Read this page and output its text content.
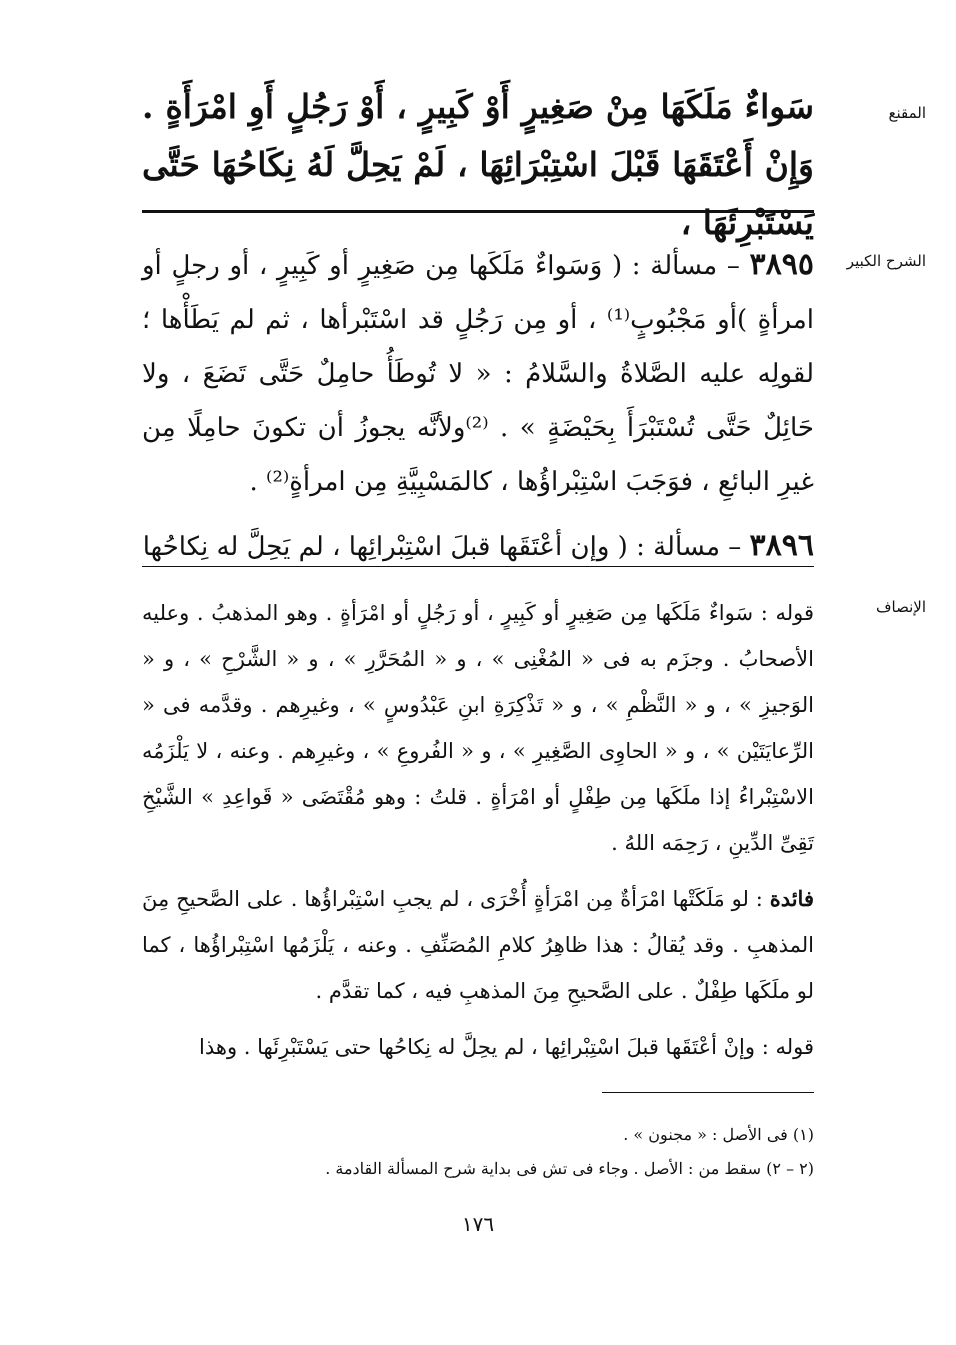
المقنع
الشرح الكبير
الإنصاف

سَواءٌ مَلَكَهَا مِنْ صَغِيرٍ أَوْ كَبِيرٍ ، أَوْ رَجُلٍ أَوِ امْرَأَةٍ . وَإِنْ أَعْتَقَهَا قَبْلَ اسْتِبْرَائِهَا ، لَمْ يَحِلَّ لَهُ نِكَاحُهَا حَتَّى يَسْتَبْرِئَهَا ،

٣٨٩٥ – مسألة : ( وَسَواءٌ مَلَكَها مِن صَغِيرٍ أو كَبِيرٍ ، أو رجلٍ أو امرأةٍ )أو مَجْبُوبٍ⁽¹⁾ ، أو مِن رَجُلٍ قد اسْتَبْرأها ، ثم لم يَطَأْها ؛ لقولِه عليه الصَّلاةُ والسَّلامُ : « لا تُوطَأُ حامِلٌ حَتَّى تَضَعَ ، ولا حَائِلٌ حَتَّى تُسْتَبْرَأَ بِحَيْضَةٍ » . ⁽²⁾ولأنَّه يجوزُ أن تكونَ حامِلًا مِن غيرِ البائعِ ، فوَجَبَ اسْتِبْراؤُها ، كالمَسْبِيَّةِ مِن امرأةٍ⁽²⁾ .

٣٨٩٦ – مسألة : ( وإن أعْتَقَها قبلَ اسْتِبْرائِها ، لم يَحِلَّ له نِكاحُها

قوله : سَواءٌ مَلَكَها مِن صَغِيرٍ أو كَبِيرٍ ، أو رَجُلٍ أو امْرَأةٍ . وهو المذهبُ . وعليه الأصحابُ . وجزَم به فى « المُغْنِى » ، و « المُحَرَّرِ » ، و « الشَّرْحِ » ، و « الوَجيزِ » ، و « النَّظْمِ » ، و « تَذْكِرَةِ ابنِ عَبْدُوسٍ » ، وغيرِهم . وقدَّمه فى « الرِّعايَتَيْن » ، و « الحاوِى الصَّغِيرِ » ، و « الفُروعِ » ، وغيرِهم . وعنه ، لا يَلْزَمُه الاسْتِبْراءُ إذا ملَكَها مِن طِفْلٍ أو امْرَأةٍ . قلتُ : وهو مُقْتَضَى « قَواعِدِ » الشَّيْخِ تَقِىِّ الدِّينِ ، رَحِمَه اللهُ .

فائدة : لو مَلَكَتْها امْرَأةٌ مِن امْرَأةٍ أُخْرَى ، لم يجبِ اسْتِبْراؤُها . على الصَّحيحِ مِنَ المذهبِ . وقد يُقالُ : هذا ظاهِرُ كلامِ المُصَنِّفِ . وعنه ، يَلْزَمُها اسْتِبْراؤُها ، كما لو ملَكَها طِفْلٌ . على الصَّحيحِ مِنَ المذهبِ فيه ، كما تقدَّم .

قوله : وإنْ أعْتَقَها قبلَ اسْتِبْرائِها ، لم يحِلَّ له نِكاحُها حتى يَسْتَبْرِئَها . وهذا

(١) فى الأصل : « مجنون » .
(٢ – ٢) سقط من : الأصل . وجاء فى تش فى بداية شرح المسألة القادمة .
١٧٦
